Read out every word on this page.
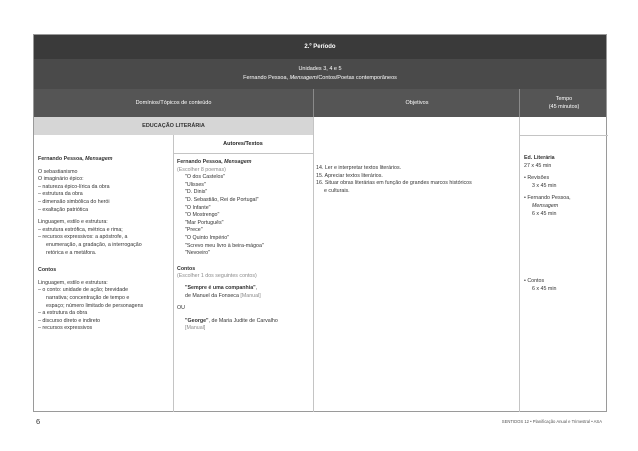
2.º Período
Unidades 3, 4 e 5
Fernando Pessoa, Mensagem/Contos/Poetas contemporâneos
Domínios/Tópicos de conteúdo	Objetivos
Tempo
(45 minutos)
EDUCAÇÃO LITERÁRIA
Autores/Textos

Fernando Pessoa, Mensagem

O sebastianismo

O imaginário épico:

– natureza épico-lírica da obra

– estrutura da obra

– dimensão simbólica do herói

– exaltação patriótica

Linguagem, estilo e estrutura:

– estrutura estrófica, métrica e rima;

– recursos expressivos: a apóstrofe, a

enumeração, a gradação, a interrogação

retórica e a metáfora.

Contos

Linguagem, estilo e estrutura:

– o conto: unidade de ação; brevidade

narrativa; concentração de tempo e

espaço; número limitado de personagens

– a estrutura da obra

– discurso direto e indireto

– recursos expressivos

Fernando Pessoa, Mensagem

(Escolher 8 poemas)

"O dos Castelos"

"Ulisses"

"D. Dinis"

"D. Sebastião, Rei de Portugal"

"O Infante"

"O Mostrengo"

"Mar Português"

"Prece"

"O Quinto Império"

"Screvo meu livro à beira-mágoa"

"Nevoeiro"

Contos

(Escolher 1 dos seguintes contos)

"Sempre é uma companhia",

de Manuel da Fonseca [Manual]

OU

"George", de Maria Judite de Carvalho

[Manual]

14. Ler e interpretar textos literários.

15. Apreciar textos literários.

16. Situar obras literárias em função de grandes marcos históricos

e culturais.

Ed. Literária

27 x 45 min

• Revisões

3 x 45 min

• Fernando Pessoa,

Mensagem

6 x 45 min

• Contos

6 x 45 min

6	SENTIDOS 12 • Planificação Anual e Trimestral • ASA
